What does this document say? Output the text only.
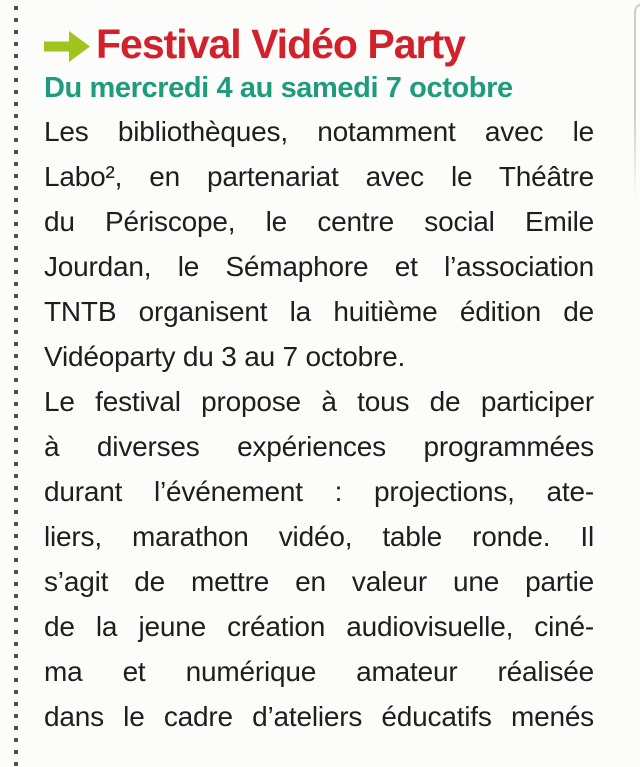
Festival Vidéo Party
Du mercredi 4 au samedi 7 octobre
Les bibliothèques, notamment avec le
Labo², en partenariat avec le Théâtre
du Périscope, le centre social Emile
Jourdan, le Sémaphore et l’association
TNTB organisent la huitième édition de
Vidéoparty du 3 au 7 octobre.
Le festival propose à tous de participer
à diverses expériences programmées
durant l’événement : projections, ate-
liers, marathon vidéo, table ronde. Il
s’agit de mettre en valeur une partie
de la jeune création audiovisuelle, ciné-
ma et numérique amateur réalisée
dans le cadre d’ateliers éducatifs menés
